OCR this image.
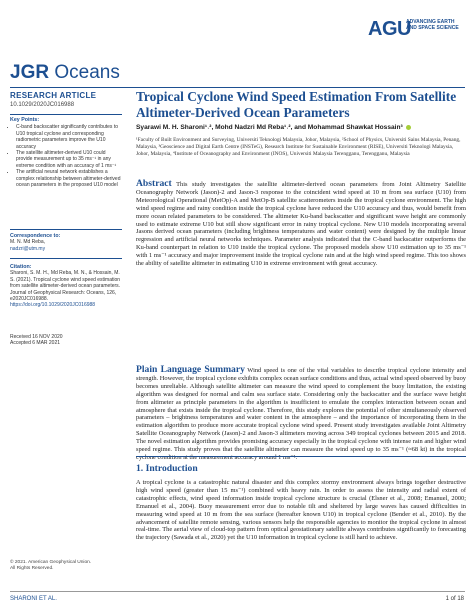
AGU
ADVANCING EARTH AND SPACE SCIENCE
JGR Oceans
RESEARCH ARTICLE
10.1029/2020JC016988
Key Points:
• C-band backscatter significantly contributes to U10 tropical cyclone and corresponding radiometric parameters improve the U10 accuracy
• The satellite altimeter-derived U10 could provide measurement up to 35 ms⁻¹ in any extreme condition with an accuracy of 1 ms⁻¹
• The artificial neural network establishes a complex relationship between altimeter-derived ocean parameters in the proposed U10 model
Correspondence to:
M. N. Md Reba,
nadzri@utm.my
Citation:
Sharoni, S. M. H., Md Reba, M. N., & Hossain, M. S. (2021). Tropical cyclone wind speed estimation from satellite altimeter-derived ocean parameters. Journal of Geophysical Research: Oceans, 126, e2020JC016988.
https://doi.org/10.1029/2020JC016988
Received 16 NOV 2020
Accepted 6 MAR 2021
© 2021. American Geophysical Union.
All Rights Reserved.
Tropical Cyclone Wind Speed Estimation From Satellite Altimeter-Derived Ocean Parameters
Syarawi M. H. Sharoni¹˒², Mohd Nadzri Md Reba¹˒², and Mohammad Shawkat Hossain³
¹Faculty of Built Environment and Surveying, Universiti Teknologi Malaysia, Johor, Malaysia, ²School of Physics, Universiti Sains Malaysia, Penang, Malaysia, ³Geoscience and Digital Earth Centre (INSTeG), Research Institute for Sustainable Environment (RISE), Universiti Teknologi Malaysia, Johor, Malaysia, ⁴Institute of Oceanography and Environment (INOS), Universiti Malaysia Terengganu, Terengganu, Malaysia
Abstract This study investigates the satellite altimeter-derived ocean parameters from Joint Altimetry Satellite Oceanography Network (Jason)-2 and Jason-3 response to the coincident wind speed at 10 m from sea surface (U10) from Meteorological Operational (MetOp)-A and MetOp-B satellite scatterometers inside the tropical cyclone environment. The high wind speed regime and rainy condition inside the tropical cyclone have reduced the U10 accuracy and thus, would benefit from more ocean related parameters to be considered. The altimeter Ku-band backscatter and significant wave height are commonly used to estimate extreme U10 but still show significant error in rainy tropical cyclone. New U10 models incorporating several Jasons derived ocean parameters (including brightness temperatures and water content) were designed by the multiple linear regression and artificial neural networks techniques. Parameter analysis indicated that the C-band backscatter outperforms the Ku-band counterpart in relation to U10 inside the tropical cyclone. The proposed models show U10 estimation up to 35 ms⁻¹ with 1 ms⁻¹ accuracy and major improvement inside the tropical cyclone rain and at the high wind speed regime. This too shows the ability of satellite altimeter in estimating U10 in extreme environment with great accuracy.
Plain Language Summary Wind speed is one of the vital variables to describe tropical cyclone intensity and strength. However, the tropical cyclone exhibits complex ocean surface conditions and thus, actual wind speed observed by buoy becomes unreliable. Although satellite altimeter can measure the wind speed to complement the buoy limitation, the existing algorithm was designed for normal and calm sea surface state. Considering only the backscatter and the surface wave height from altimeter as principle parameters in the algorithm is insufficient to emulate the complex interaction between ocean and atmosphere that exists inside the tropical cyclone. Therefore, this study explores the potential of other simultaneously observed parameters – brightness temperatures and water content in the atmosphere – and the importance of incorporating them in the estimation algorithm to produce more accurate tropical cyclone wind speed. Present study investigates available Joint Altimetry Satellite Oceanography Network (Jason)-2 and Jason-3 altimeters moving across 349 tropical cyclones between 2015 and 2018. The novel estimation algorithm provides promising accuracy especially in the tropical cyclone with intense rain and higher wind speed regime. This study proves that the satellite altimeter can measure the wind speed up to 35 ms⁻¹ (≈68 kt) in the tropical cyclone condition at the measurement accuracy around 1 ms⁻¹.
1. Introduction
A tropical cyclone is a catastrophic natural disaster and this complex stormy environment always brings together destructive high wind speed (greater than 15 ms⁻¹) combined with heavy rain. In order to assess the intensity and radial extent of catastrophic effects, wind speed information inside tropical cyclone structure is crucial (Elsner et al., 2008; Emanuel, 2000; Emanuel et al., 2004). Buoy measurement error due to notable tilt and sheltered by large waves has caused difficulties in measuring wind speed at 10 m from the sea surface (hereafter known U10) in tropical cyclone (Bender et al., 2010). By the advancement of satellite remote sensing, various sensors help the responsible agencies to monitor the tropical cyclone in almost real-time. The aerial view of cloud-top pattern from optical geostationary satellite always contributes significantly to forecasting the trajectory (Sawada et al., 2020) yet the U10 information in tropical cyclone is still hard to achieve.
SHARONI ET AL.	1 of 18
